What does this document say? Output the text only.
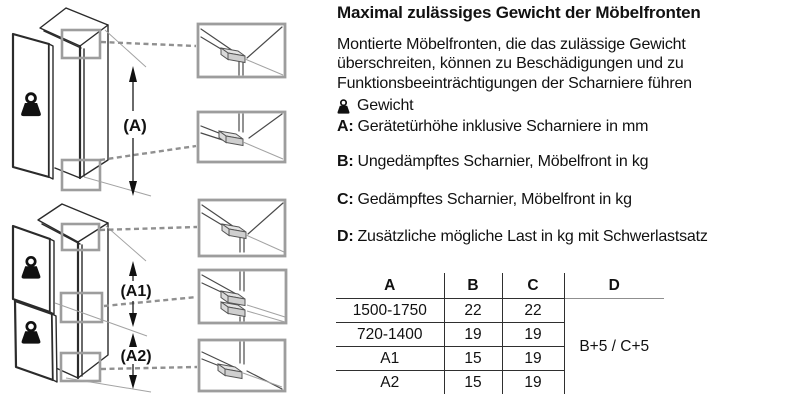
(A)
(A1)
(A2)
Maximal zulässiges Gewicht der Möbelfronten
Montierte Möbelfronten, die das zulässige Gewicht überschreiten, können zu Beschädigungen und zu Funktionsbeeinträchtigungen der Scharniere führen
Gewicht
A: Gerätetürhöhe inklusive Scharniere in mm
B: Ungedämpftes Scharnier, Möbelfront in kg
C: Gedämpftes Scharnier, Möbelfront in kg
D: Zusätzliche mögliche Last in kg mit Schwerlastsatz
A	B	C	D
1500-1750	22	22	B+5 / C+5
720-1400	19	19	
A1	15	19	
A2	15	19	
